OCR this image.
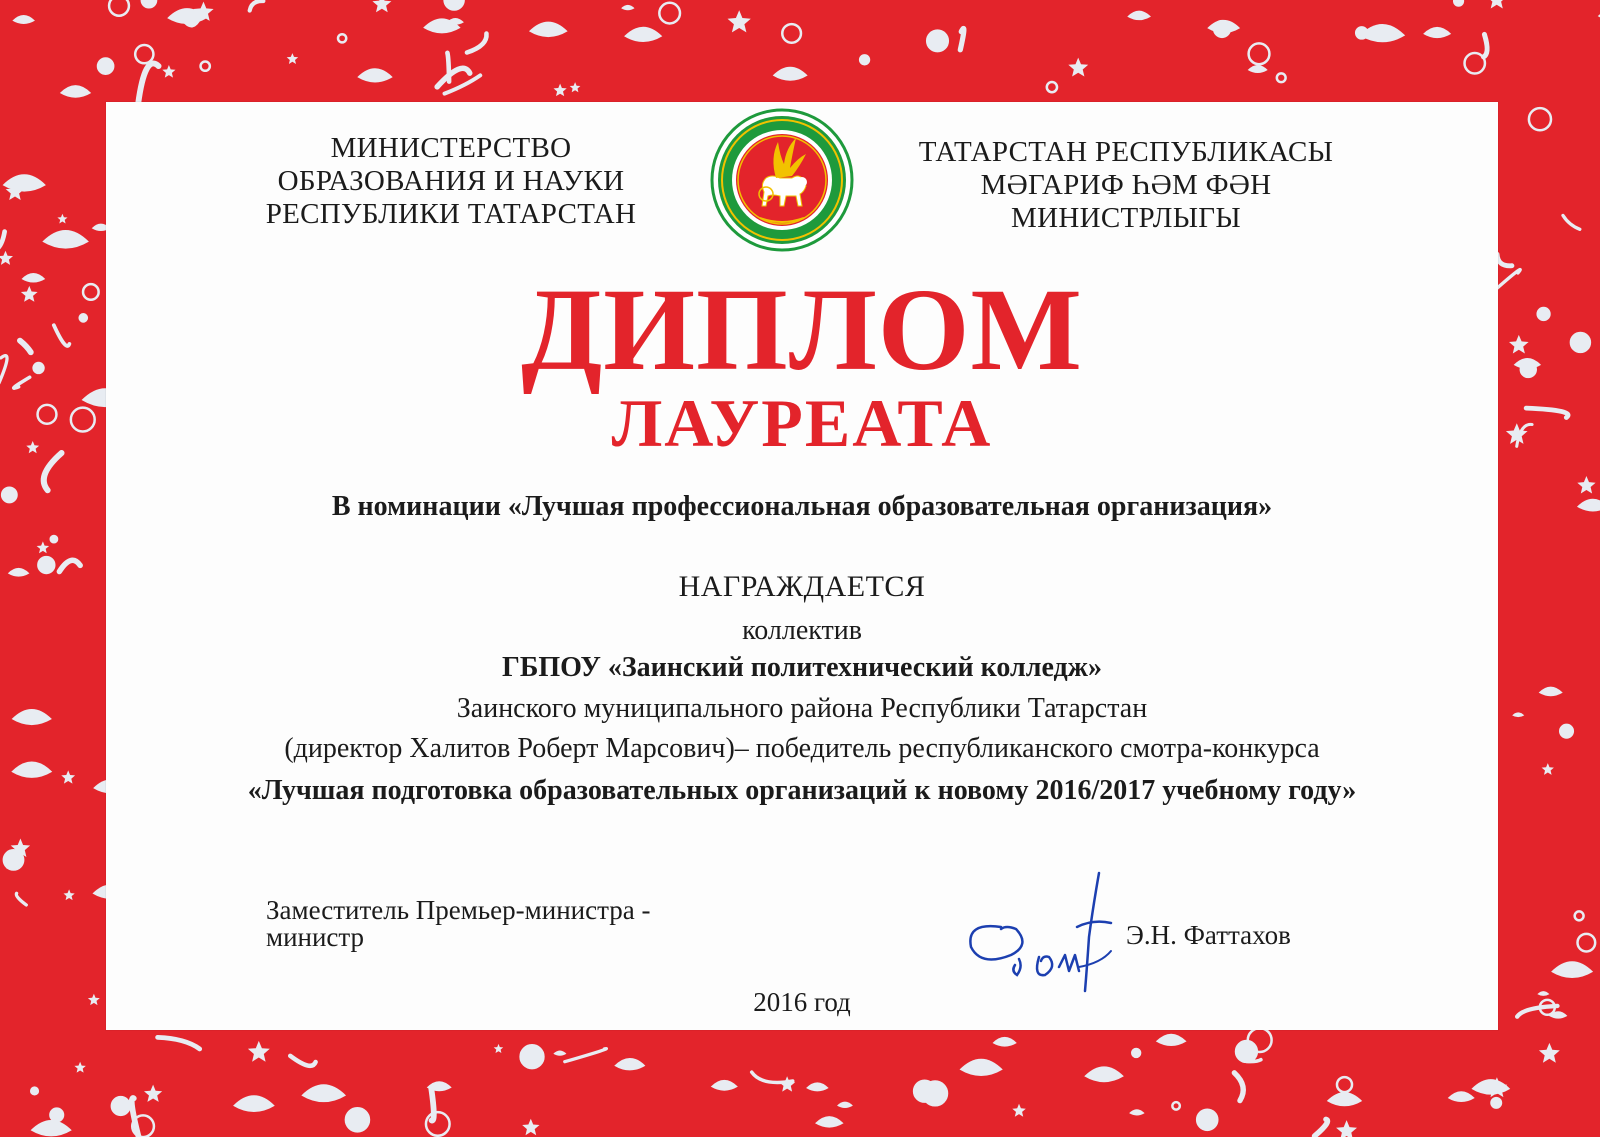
МИНИСТЕРСТВО
ОБРАЗОВАНИЯ И НАУКИ
РЕСПУБЛИКИ ТАТАРСТАН
ТАТАРСТАН РЕСПУБЛИКАСЫ
МӘГАРИФ ҺӘМ ФӘН
МИНИСТРЛЫГЫ
ДИПЛОМ
ЛАУРЕАТА
В номинации «Лучшая профессиональная образовательная организация»
НАГРАЖДАЕТСЯ
коллектив
ГБПОУ «Заинский политехнический колледж»
Заинского муниципального района Республики Татарстан
(директор Халитов Роберт Марсович)– победитель республиканского смотра-конкурса
«Лучшая подготовка образовательных организаций к новому 2016/2017 учебному году»
Заместитель Премьер-министра -
министр	Э.Н. Фаттахов
2016 год
